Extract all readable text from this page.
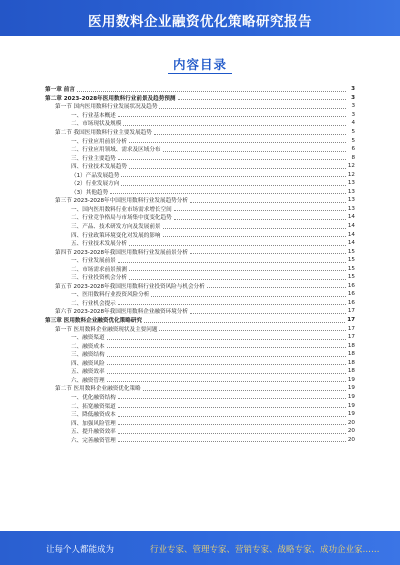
医用数料企业融资优化策略研究报告
内容目录
第一章 前言	3
第二章 2023-2028年医用数料行业前景及趋势预测	3
第一节 国内医用数料行业发展状况及趋势	3
一、行业基本概述	3
二、市场现状及规模	4
第二节 我国医用数料行业主要发展趋势	5
一、行业应用前景分析	5
二、行业应用领域、需求及区域分布	6
三、行业主要趋势	8
四、行业技术发展趋势	12
（1）产品发展趋势	12
（2）行业发展方向	13
（3）其他趋势	13
第三节 2023-2028年中国医用数料行业发展趋势分析	13
一、国内医用数料行业市场需求增长空间	13
二、行业竞争格局与市场集中度变化趋势	14
三、产品、技术研发方向及发展前景	14
四、行业政策环境变化对发展的影响	14
五、行业技术发展分析	14
第四节 2023-2028年我国医用数料行业发展前景分析	15
一、行业发展前景	15
二、市场需求前景预测	15
三、行业投资机会分析	15
第五节 2023-2028年我国医用数料行业投资风险与机会分析	16
一、医用数料行业投资风险分析	16
二、行业机会提示	16
第六节 2023-2028年我国医用数料企业融资环境分析	17
第三章 医用数料企业融资优化策略研究	17
第一节 医用数料企业融资现状及主要问题	17
一、融资渠道	17
二、融资成本	18
三、融资结构	18
四、融资风险	18
五、融资效率	18
六、融资管理	19
第二节 医用数料企业融资优化策略	19
一、优化融资结构	19
二、拓宽融资渠道	19
三、降低融资成本	19
四、加强风险管理	20
五、提升融资效率	20
六、完善融资管理	20
让每个人都能成为	行业专家、管理专家、营销专家、战略专家、成功企业家……
